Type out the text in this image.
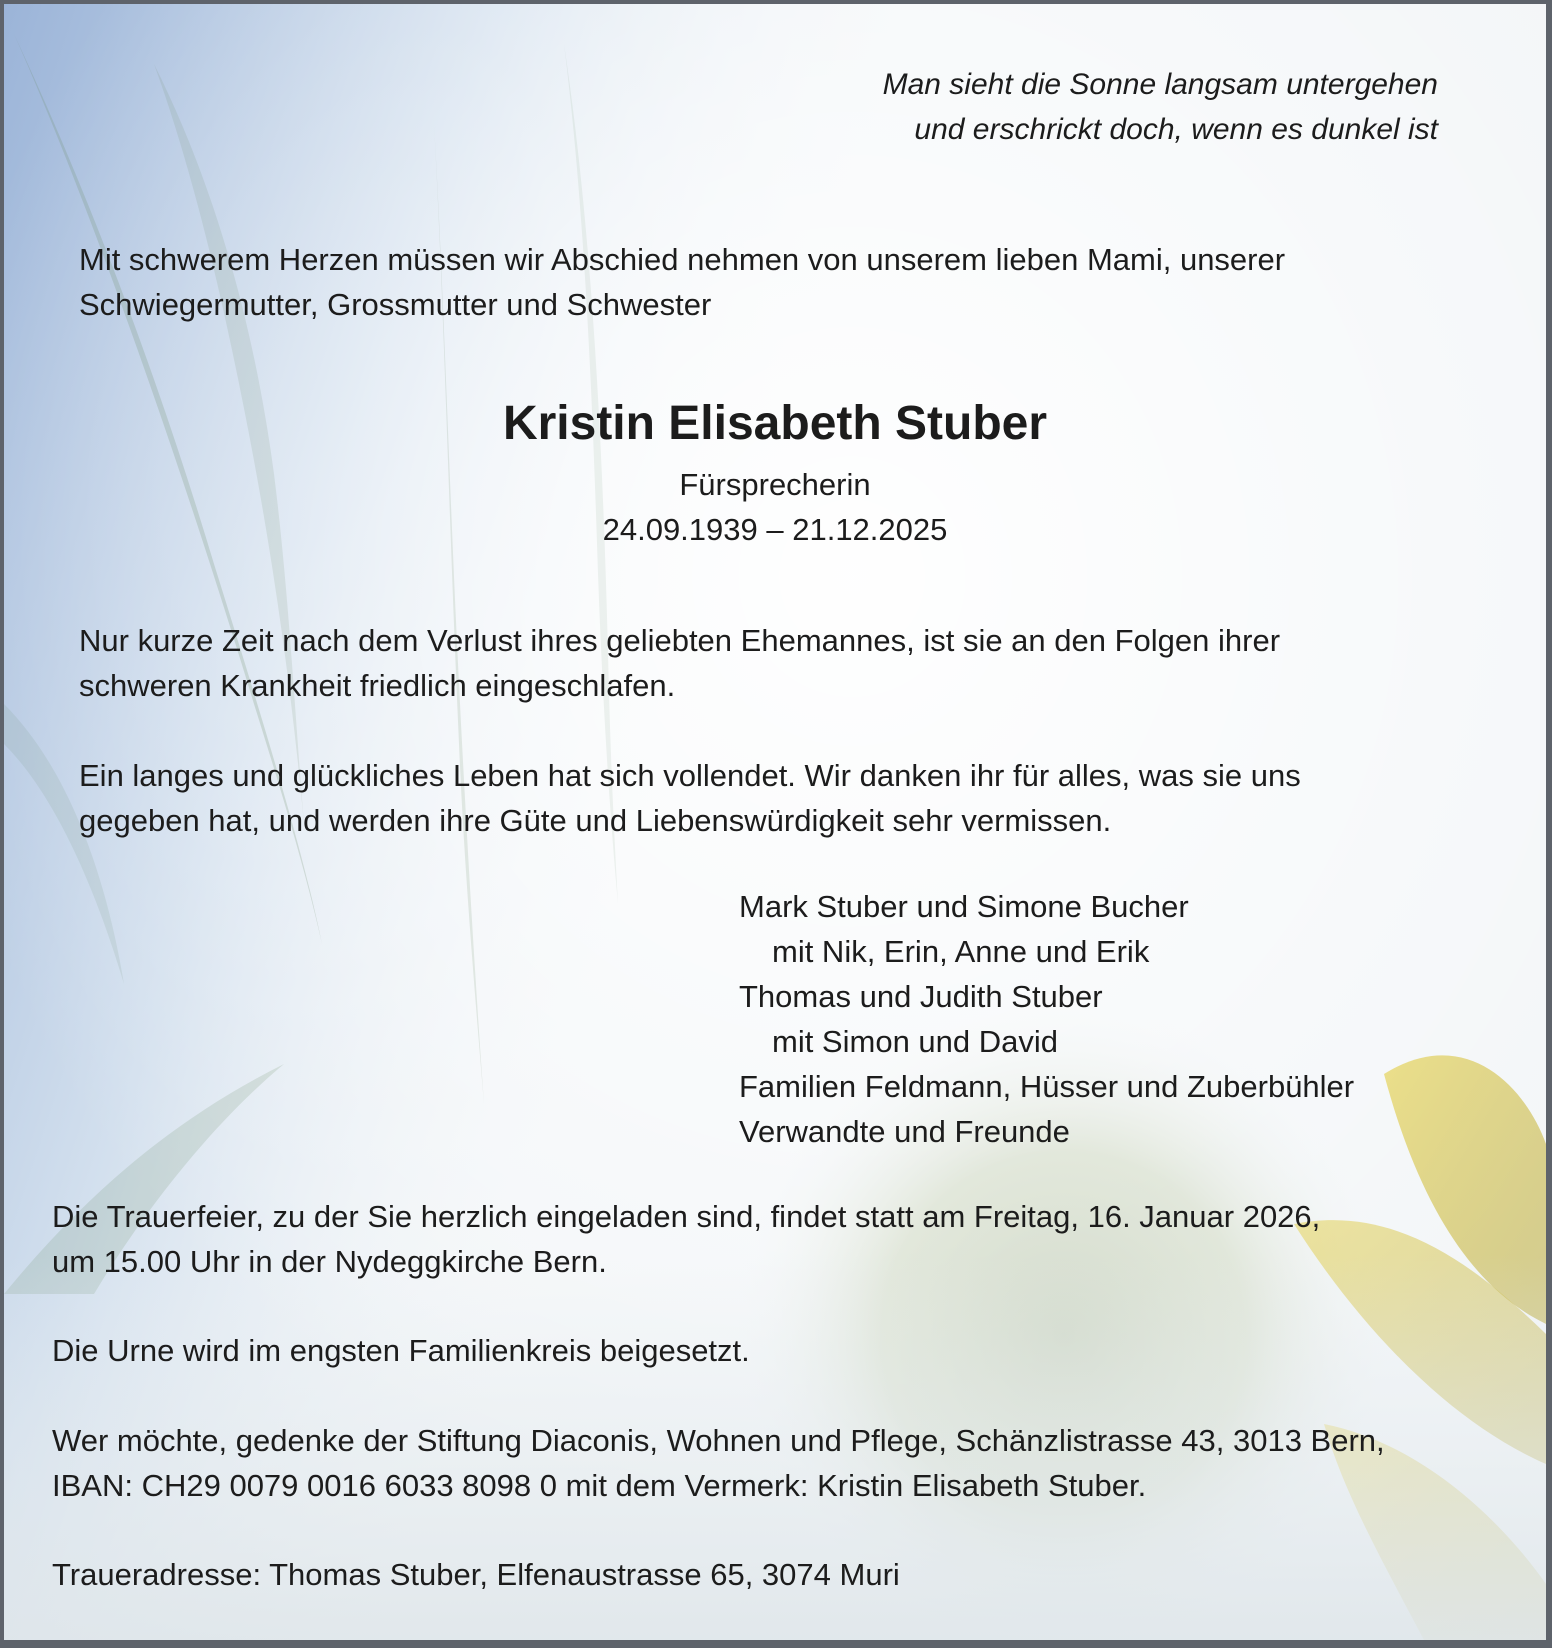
Man sieht die Sonne langsam untergehen
und erschrickt doch, wenn es dunkel ist
Mit schwerem Herzen müssen wir Abschied nehmen von unserem lieben Mami, unserer
Schwiegermutter, Grossmutter und Schwester
Kristin Elisabeth Stuber
Fürsprecherin
24.09.1939 – 21.12.2025
Nur kurze Zeit nach dem Verlust ihres geliebten Ehemannes, ist sie an den Folgen ihrer
schweren Krankheit friedlich eingeschlafen.
Ein langes und glückliches Leben hat sich vollendet. Wir danken ihr für alles, was sie uns
gegeben hat, und werden ihre Güte und Liebenswürdigkeit sehr vermissen.
Mark Stuber und Simone Bucher
mit Nik, Erin, Anne und Erik
Thomas und Judith Stuber
mit Simon und David
Familien Feldmann, Hüsser und Zuberbühler
Verwandte und Freunde
Die Trauerfeier, zu der Sie herzlich eingeladen sind, findet statt am Freitag, 16. Januar 2026,
um 15.00 Uhr in der Nydeggkirche Bern.
Die Urne wird im engsten Familienkreis beigesetzt.
Wer möchte, gedenke der Stiftung Diaconis, Wohnen und Pflege, Schänzlistrasse 43, 3013 Bern,
IBAN: CH29 0079 0016 6033 8098 0 mit dem Vermerk: Kristin Elisabeth Stuber.
Traueradresse: Thomas Stuber, Elfenaustrasse 65, 3074 Muri
